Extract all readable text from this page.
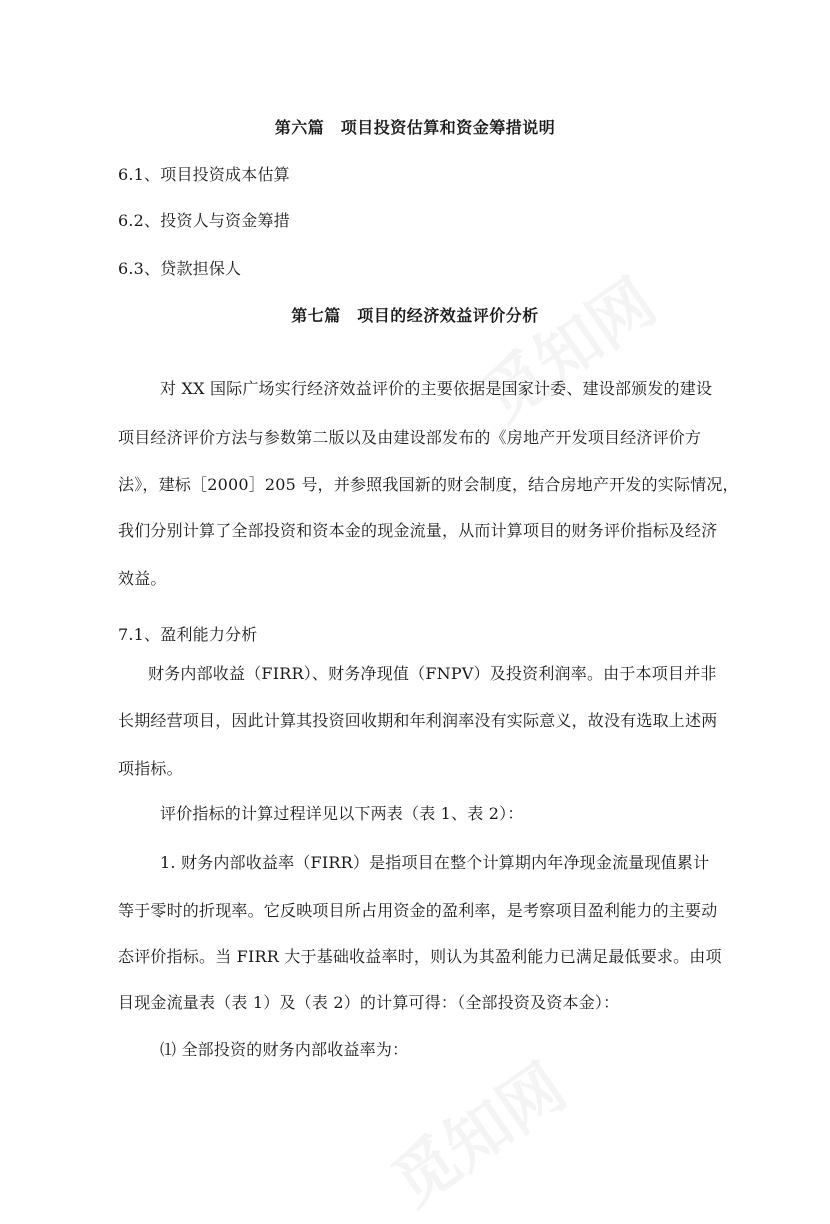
第六篇　项目投资估算和资金筹措说明
6.1、项目投资成本估算
6.2、投资人与资金筹措
6.3、贷款担保人
第七篇　项目的经济效益评价分析
对 XX 国际广场实行经济效益评价的主要依据是国家计委、建设部颁发的建设
项目经济评价方法与参数第二版以及由建设部发布的《房地产开发项目经济评价方
法》，建标［2000］205 号，并参照我国新的财会制度，结合房地产开发的实际情况，
我们分别计算了全部投资和资本金的现金流量，从而计算项目的财务评价指标及经济
效益。
7.1、盈利能力分析
财务内部收益（FIRR）、财务净现值（FNPV）及投资利润率。由于本项目并非
长期经营项目，因此计算其投资回收期和年利润率没有实际意义，故没有选取上述两
项指标。
评价指标的计算过程详见以下两表（表 1、表 2）：
1. 财务内部收益率（FIRR）是指项目在整个计算期内年净现金流量现值累计
等于零时的折现率。它反映项目所占用资金的盈利率，是考察项目盈利能力的主要动
态评价指标。当 FIRR 大于基础收益率时，则认为其盈利能力已满足最低要求。由项
目现金流量表（表 1）及（表 2）的计算可得：（全部投资及资本金）：
⑴ 全部投资的财务内部收益率为：
